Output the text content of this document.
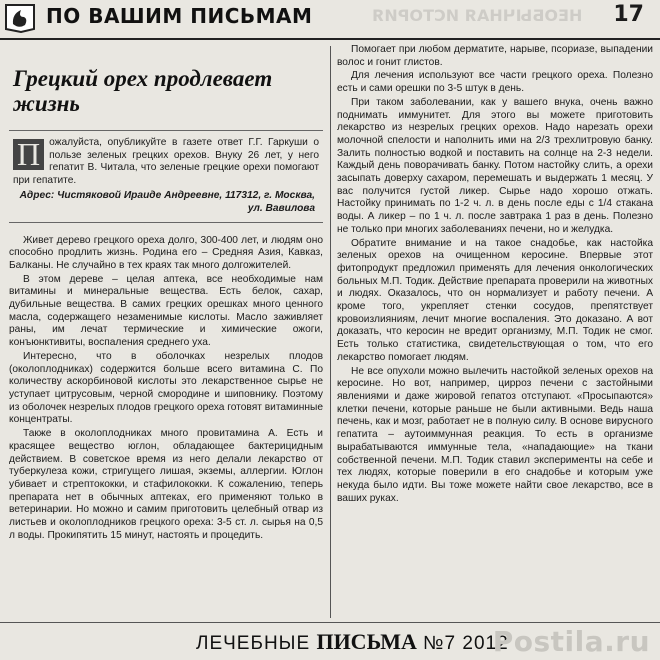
ПО ВАШИМ ПИСЬМАМ	НЕОБЫЧНАЯ ИСТОРИЯ 17
Грецкий орех продлевает
жизнь

П ожалуйста, опубликуйте в газете ответ Г.Г. Гаркуши о пользе зеленых грецких орехов. Внуку 26 лет, у него гепатит В. Читала, что зеленые грецкие орехи помогают при гепатите.

Адрес: Чистяковой Ираиде Андреевне, 117312, г. Москва, ул. Вавилова

Живет дерево грецкого ореха долго, 300-400 лет, и людям оно способно продлить жизнь. Родина его – Средняя Азия, Кавказ, Балканы. Не случайно в тех краях так много долгожителей.

В этом дереве – целая аптека, все необходимые нам витамины и минеральные вещества. Есть белок, сахар, дубильные вещества. В самих грецких орешках много ценного масла, содержащего незаменимые кислоты. Масло заживляет раны, им лечат термические и химические ожоги, конъюнктивиты, воспаления среднего уха.

Интересно, что в оболочках незрелых плодов (околоплодниках) содержится больше всего витамина С. По количеству аскорбиновой кислоты это лекарственное сырье не уступает цитрусовым, черной смородине и шиповнику. Поэтому из оболочек незрелых плодов грецкого ореха готовят витаминные концентраты.

Также в околоплодниках много провитамина А. Есть и красящее вещество юглон, обладающее бактерицидным действием. В советское время из него делали лекарство от туберкулеза кожи, стригущего лишая, экземы, аллергии. Юглон убивает и стрептококки, и стафилококки. К сожалению, теперь препарата нет в обычных аптеках, его применяют только в ветеринарии. Но можно и самим приготовить целебный отвар из листьев и околоплодников грецкого ореха: 3-5 ст. л. сырья на 0,5 л воды. Прокипятить 15 минут, настоять и процедить.

Помогает при любом дерматите, нарыве, псориазе, выпадении волос и гонит глистов.

Для лечения используют все части грецкого ореха. Полезно есть и сами орешки по 3-5 штук в день.

При таком заболевании, как у вашего внука, очень важно поднимать иммунитет. Для этого вы можете приготовить лекарство из незрелых грецких орехов. Надо нарезать орехи молочной спелости и наполнить ими на 2/3 трехлитровую банку. Залить полностью водкой и поставить на солнце на 2-3 недели. Каждый день поворачивать банку. Потом настойку слить, а орехи засыпать доверху сахаром, перемешать и выдержать 1 месяц. У вас получится густой ликер. Сырье надо хорошо отжать. Настойку принимать по 1-2 ч. л. в день после еды с 1/4 стакана воды. А ликер – по 1 ч. л. после завтрака 1 раз в день. Полезно не только при многих заболеваниях печени, но и желудка.

Обратите внимание и на такое снадобье, как настойка зеленых орехов на очищенном керосине. Впервые этот фитопродукт предложил применять для лечения онкологических больных М.П. Тодик. Действие препарата проверили на животных и людях. Оказалось, что он нормализует и работу печени. А кроме того, укрепляет стенки сосудов, препятствует кровоизлияниям, лечит многие воспаления. Это доказано. А вот доказать, что керосин не вредит организму, М.П. Тодик не смог. Есть только статистика, свидетельствующая о том, что его лекарство помогает людям.

Не все опухоли можно вылечить настойкой зеленых орехов на керосине. Но вот, например, цирроз печени с застойными явлениями и даже жировой гепатоз отступают. «Просыпаются» клетки печени, которые раньше не были активными. Ведь наша печень, как и мозг, работает не в полную силу. В основе вирусного гепатита – аутоиммунная реакция. То есть в организме вырабатываются иммунные тела, «нападающие» на ткани собственной печени. М.П. Тодик ставил эксперименты на себе и тех людях, которые поверили в его снадобье и которым уже некуда было идти. Вы тоже можете найти свое лекарство, все в ваших руках.

ЛЕЧЕБНЫЕ ПИСЬМА №7 2012
Postila.ru
